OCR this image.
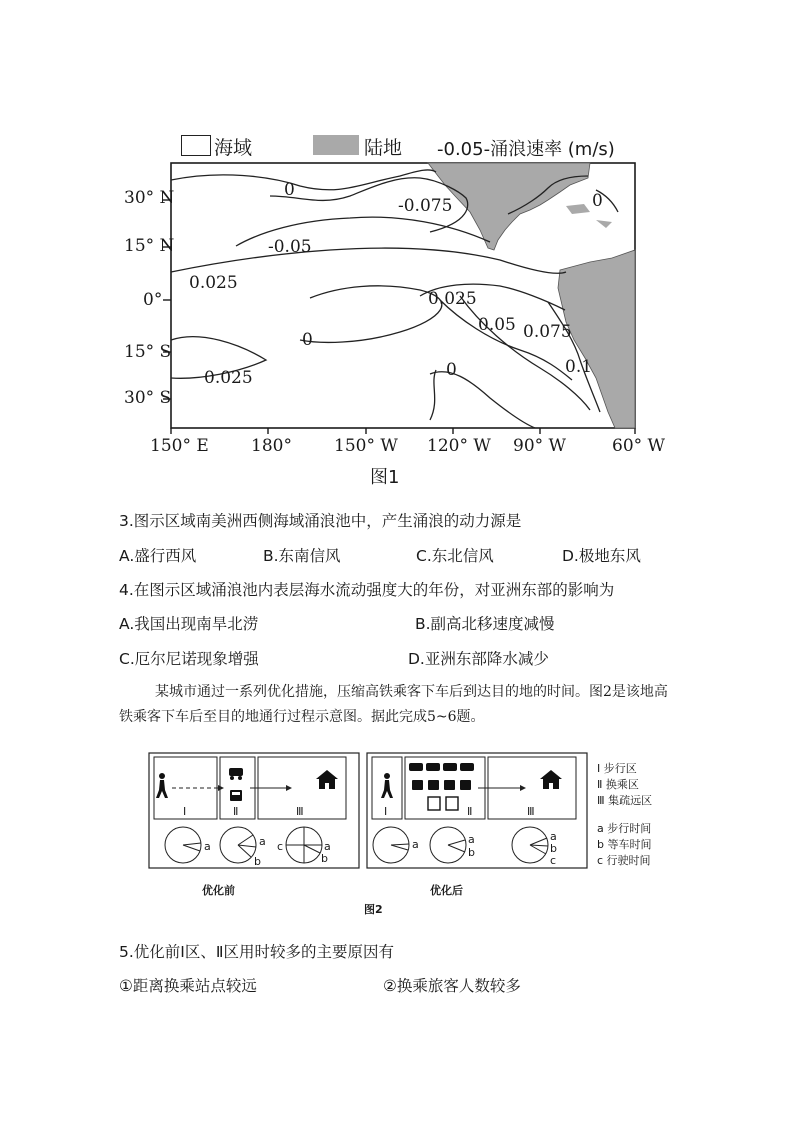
海域	陆地 -0.05-涌浪速率 (m/s)
30° N
15° N
0°
15° S
30° S
0
-0.075	0
-0.05
0.025
0.025
0.05 0.075
0
0.1
0
0.025
150° E 180° 150° W 120° W 90° W	60° W
图1
3.图示区域南美洲西侧海域涌浪池中，产生涌浪的动力源是
A.盛行西风	B.东南信风	C.东北信风	D.极地东风
4.在图示区域涌浪池内表层海水流动强度大的年份，对亚洲东部的影响为
A.我国出现南旱北涝	B.副高北移速度减慢
C.厄尔尼诺现象增强	D.亚洲东部降水减少
某城市通过一系列优化措施，压缩高铁乘客下车后到达目的地的时间。图2是该地高铁乘客下车后至目的地通行过程示意图。据此完成5~6题。
Ⅰ	Ⅱ	Ⅲ
a	a
b
c	a
b
Ⅰ	Ⅱ	Ⅲ
a	a
b
a
b
c
Ⅰ 步行区
Ⅱ 换乘区
Ⅲ 集疏远区
a 步行时间
b 等车时间
c 行驶时间
优化前	优化后
图2
5.优化前Ⅰ区、Ⅱ区用时较多的主要原因有
①距离换乘站点较远	②换乘旅客人数较多
